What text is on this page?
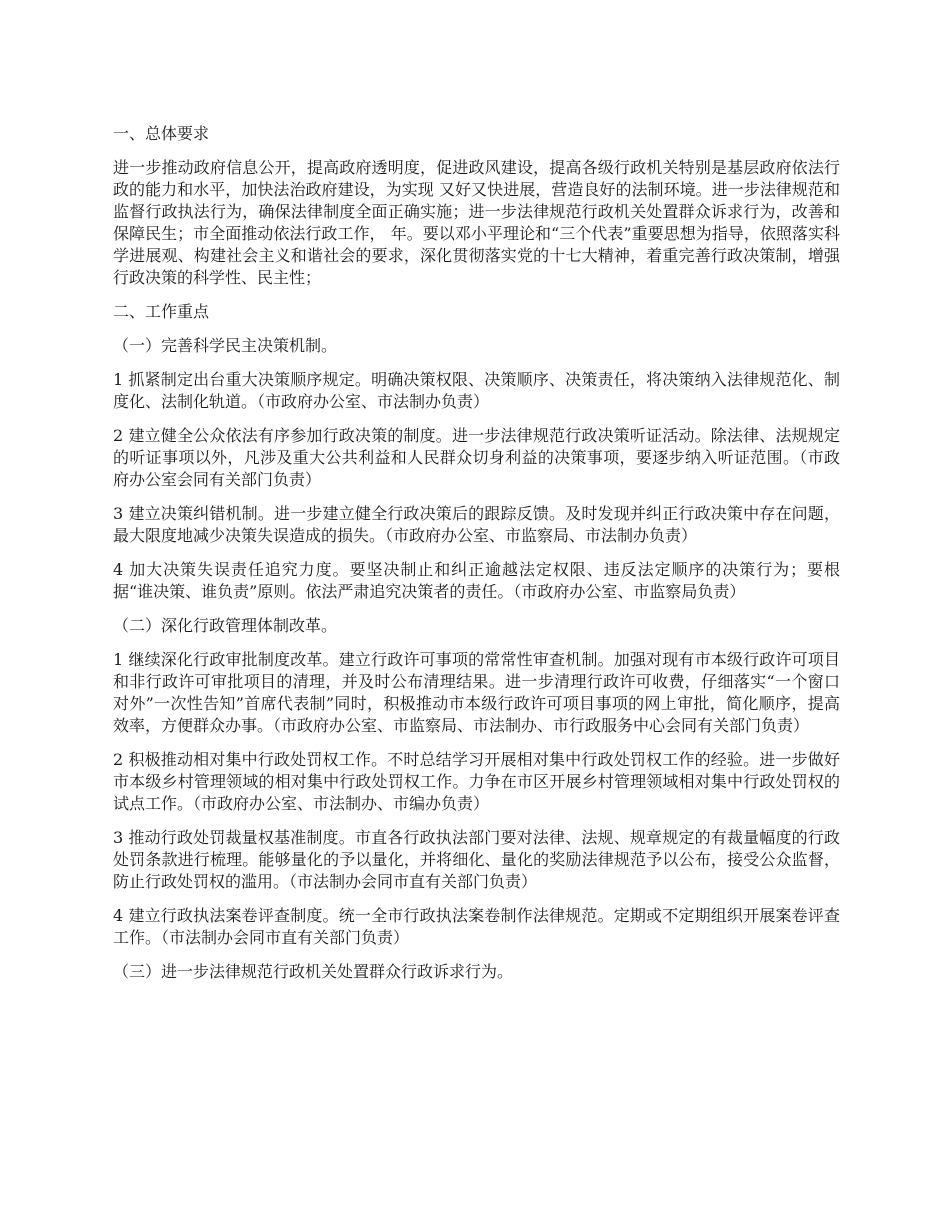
一、总体要求

进一步推动政府信息公开，提高政府透明度，促进政风建设，提高各级行政机关特别是基层政府依法行政的能力和水平，加快法治政府建设，为实现 又好又快进展，营造良好的法制环境。进一步法律规范和监督行政执法行为，确保法律制度全面正确实施；进一步法律规范行政机关处置群众诉求行为，改善和保障民生；市全面推动依法行政工作， 年。要以邓小平理论和“三个代表”重要思想为指导，依照落实科学进展观、构建社会主义和谐社会的要求，深化贯彻落实党的十七大精神，着重完善行政决策制，增强行政决策的科学性、民主性；

二、工作重点

（一）完善科学民主决策机制。

1 抓紧制定出台重大决策顺序规定。明确决策权限、决策顺序、决策责任，将决策纳入法律规范化、制度化、法制化轨道。（市政府办公室、市法制办负责）

2 建立健全公众依法有序参加行政决策的制度。进一步法律规范行政决策听证活动。除法律、法规规定的听证事项以外，凡涉及重大公共利益和人民群众切身利益的决策事项，要逐步纳入听证范围。（市政府办公室会同有关部门负责）

3 建立决策纠错机制。进一步建立健全行政决策后的跟踪反馈。及时发现并纠正行政决策中存在问题，最大限度地减少决策失误造成的损失。（市政府办公室、市监察局、市法制办负责）

4 加大决策失误责任追究力度。要坚决制止和纠正逾越法定权限、违反法定顺序的决策行为；要根据“谁决策、谁负责”原则。依法严肃追究决策者的责任。（市政府办公室、市监察局负责）

（二）深化行政管理体制改革。

1 继续深化行政审批制度改革。建立行政许可事项的常常性审查机制。加强对现有市本级行政许可项目和非行政许可审批项目的清理，并及时公布清理结果。进一步清理行政许可收费，仔细落实“一个窗口对外”一次性告知”首席代表制”同时，积极推动市本级行政许可项目事项的网上审批，简化顺序，提高效率，方便群众办事。（市政府办公室、市监察局、市法制办、市行政服务中心会同有关部门负责）

2 积极推动相对集中行政处罚权工作。不时总结学习开展相对集中行政处罚权工作的经验。进一步做好市本级乡村管理领域的相对集中行政处罚权工作。力争在市区开展乡村管理领域相对集中行政处罚权的试点工作。（市政府办公室、市法制办、市编办负责）

3 推动行政处罚裁量权基准制度。市直各行政执法部门要对法律、法规、规章规定的有裁量幅度的行政处罚条款进行梳理。能够量化的予以量化，并将细化、量化的奖励法律规范予以公布，接受公众监督，防止行政处罚权的滥用。（市法制办会同市直有关部门负责）

4 建立行政执法案卷评查制度。统一全市行政执法案卷制作法律规范。定期或不定期组织开展案卷评查工作。（市法制办会同市直有关部门负责）

（三）进一步法律规范行政机关处置群众行政诉求行为。
